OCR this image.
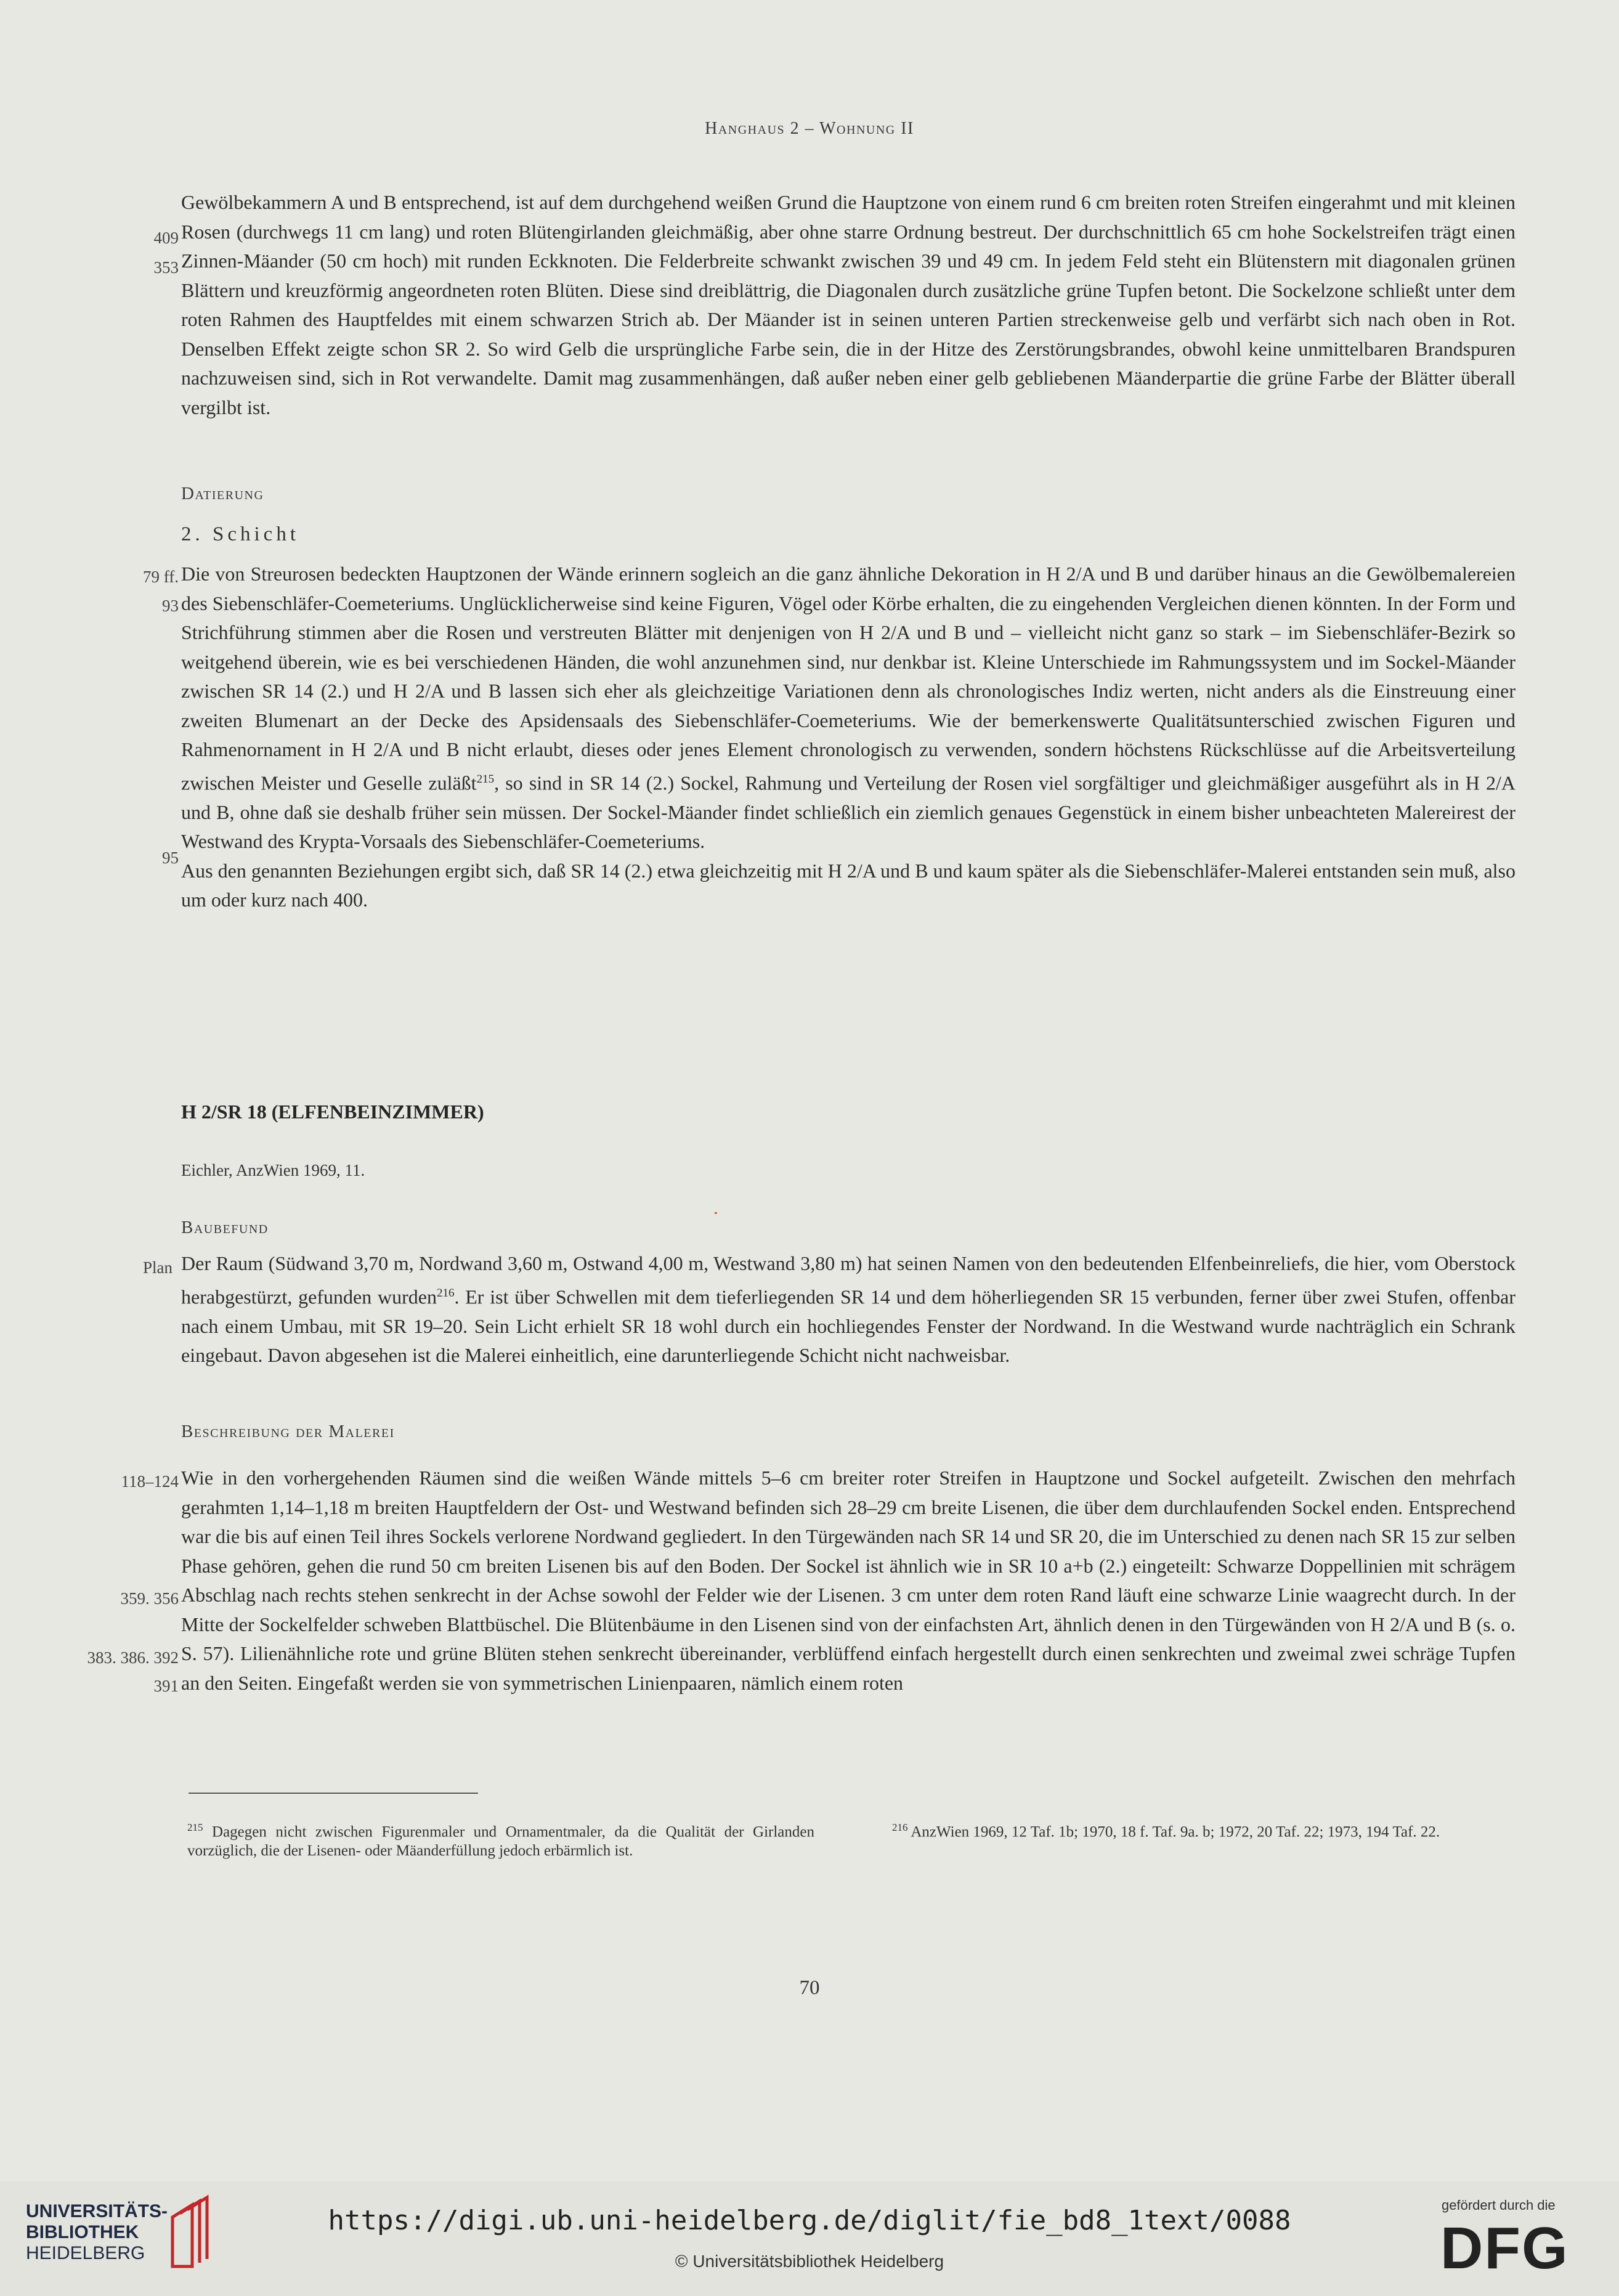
Hanghaus 2 – Wohnung II

Gewölbekammern A und B entsprechend, ist auf dem durchgehend weißen Grund die Hauptzone von einem rund 6 cm breiten roten Streifen eingerahmt und mit kleinen Rosen (durchwegs 11 cm lang) und roten Blütengirlanden gleichmäßig, aber ohne starre Ordnung bestreut. Der durchschnittlich 65 cm hohe Sockelstreifen trägt einen Zinnen-Mäander (50 cm hoch) mit runden Eckknoten. Die Felderbreite schwankt zwischen 39 und 49 cm. In jedem Feld steht ein Blütenstern mit diagonalen grünen Blättern und kreuzförmig angeordneten roten Blüten. Diese sind dreiblättrig, die Diagonalen durch zusätzliche grüne Tupfen betont. Die Sockelzone schließt unter dem roten Rahmen des Hauptfeldes mit einem schwarzen Strich ab. Der Mäander ist in seinen unteren Partien streckenweise gelb und verfärbt sich nach oben in Rot. Denselben Effekt zeigte schon SR 2. So wird Gelb die ursprüngliche Farbe sein, die in der Hitze des Zerstörungsbrandes, obwohl keine unmittelbaren Brandspuren nachzuweisen sind, sich in Rot verwandelte. Damit mag zusammenhängen, daß außer neben einer gelb gebliebenen Mäanderpartie die grüne Farbe der Blätter überall vergilbt ist.

409
353
Datierung
2. Schicht

Die von Streurosen bedeckten Hauptzonen der Wände erinnern sogleich an die ganz ähnliche Dekoration in H 2/A und B und darüber hinaus an die Gewölbemalereien des Siebenschläfer-Coemeteriums. Unglücklicherweise sind keine Figuren, Vögel oder Körbe erhalten, die zu eingehenden Vergleichen dienen könnten. In der Form und Strichführung stimmen aber die Rosen und verstreuten Blätter mit denjenigen von H 2/A und B und – vielleicht nicht ganz so stark – im Siebenschläfer-Bezirk so weitgehend überein, wie es bei verschiedenen Händen, die wohl anzunehmen sind, nur denkbar ist. Kleine Unterschiede im Rahmungssystem und im Sockel-Mäander zwischen SR 14 (2.) und H 2/A und B lassen sich eher als gleichzeitige Variationen denn als chronologisches Indiz werten, nicht anders als die Einstreuung einer zweiten Blumenart an der Decke des Apsidensaals des Siebenschläfer-Coemeteriums. Wie der bemerkenswerte Qualitätsunterschied zwischen Figuren und Rahmenornament in H 2/A und B nicht erlaubt, dieses oder jenes Element chronologisch zu verwenden, sondern höchstens Rückschlüsse auf die Arbeitsverteilung zwischen Meister und Geselle zuläßt$^{215}$, so sind in SR 14 (2.) Sockel, Rahmung und Verteilung der Rosen viel sorgfältiger und gleichmäßiger ausgeführt als in H 2/A und B, ohne daß sie deshalb früher sein müssen. Der Sockel-Mäander findet schließlich ein ziemlich genaues Gegenstück in einem bisher unbeachteten Malereirest der Westwand des Krypta-Vorsaals des Siebenschläfer-Coemeteriums.

Aus den genannten Beziehungen ergibt sich, daß SR 14 (2.) etwa gleichzeitig mit H 2/A und B und kaum später als die Siebenschläfer-Malerei entstanden sein muß, also um oder kurz nach 400.

79 ff.
93
95
H 2/SR 18 (ELFENBEINZIMMER)
Eichler, AnzWien 1969, 11.
Baubefund

Der Raum (Südwand 3,70 m, Nordwand 3,60 m, Ostwand 4,00 m, Westwand 3,80 m) hat seinen Namen von den bedeutenden Elfenbeinreliefs, die hier, vom Oberstock herabgestürzt, gefunden wurden$^{216}$. Er ist über Schwellen mit dem tieferliegenden SR 14 und dem höherliegenden SR 15 verbunden, ferner über zwei Stufen, offenbar nach einem Umbau, mit SR 19–20. Sein Licht erhielt SR 18 wohl durch ein hochliegendes Fenster der Nordwand. In die Westwand wurde nachträglich ein Schrank eingebaut. Davon abgesehen ist die Malerei einheitlich, eine darunterliegende Schicht nicht nachweisbar.

Plan
Beschreibung der Malerei

Wie in den vorhergehenden Räumen sind die weißen Wände mittels 5–6 cm breiter roter Streifen in Hauptzone und Sockel aufgeteilt. Zwischen den mehrfach gerahmten 1,14–1,18 m breiten Hauptfeldern der Ost- und Westwand befinden sich 28–29 cm breite Lisenen, die über dem durchlaufenden Sockel enden. Entsprechend war die bis auf einen Teil ihres Sockels verlorene Nordwand gegliedert. In den Türgewänden nach SR 14 und SR 20, die im Unterschied zu denen nach SR 15 zur selben Phase gehören, gehen die rund 50 cm breiten Lisenen bis auf den Boden. Der Sockel ist ähnlich wie in SR 10 a+b (2.) eingeteilt: Schwarze Doppellinien mit schrägem Abschlag nach rechts stehen senkrecht in der Achse sowohl der Felder wie der Lisenen. 3 cm unter dem roten Rand läuft eine schwarze Linie waagrecht durch. In der Mitte der Sockelfelder schweben Blattbüschel. Die Blütenbäume in den Lisenen sind von der einfachsten Art, ähnlich denen in den Türgewänden von H 2/A und B (s. o. S. 57). Lilienähnliche rote und grüne Blüten stehen senkrecht übereinander, verblüffend einfach hergestellt durch einen senkrechten und zweimal zwei schräge Tupfen an den Seiten. Eingefaßt werden sie von symmetrischen Linienpaaren, nämlich einem roten

118–124
359. 356
383. 386. 392
391
$^{215}$ Dagegen nicht zwischen Figurenmaler und Ornamentmaler, da die Qualität der Girlanden vorzüglich, die der Lisenen- oder Mäanderfüllung jedoch erbärmlich ist.
$^{216}$ AnzWien 1969, 12 Taf. 1b; 1970, 18 f. Taf. 9a. b; 1972, 20 Taf. 22; 1973, 194 Taf. 22.
70
UNIVERSITÄTS-
BIBLIOTHEK
HEIDELBERG
https://digi.ub.uni-heidelberg.de/diglit/fie_bd8_1text/0088
© Universitätsbibliothek Heidelberg
gefördert durch die
DFG
